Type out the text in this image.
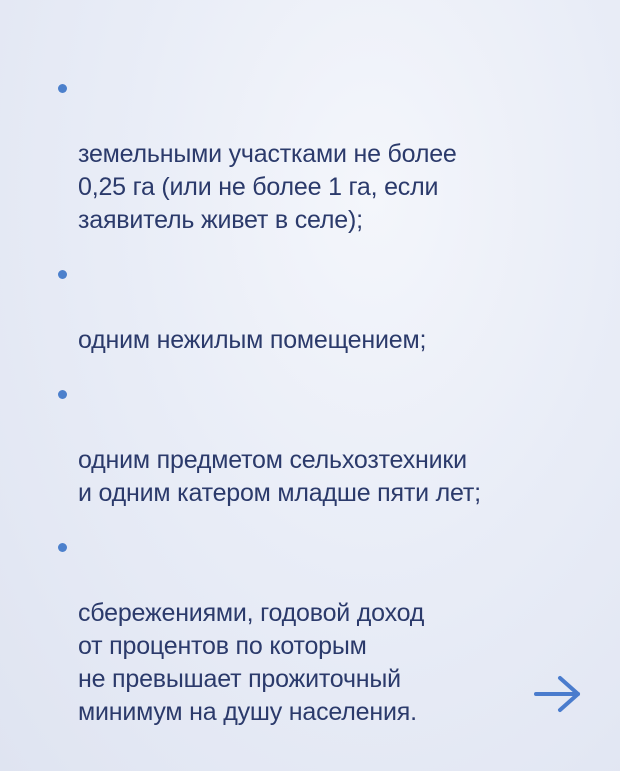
земельными участками не более
0,25 га (или не более 1 га, если
заявитель живет в селе);

одним нежилым помещением;

одним предметом сельхозтехники
и одним катером младше пяти лет;

сбережениями, годовой доход
от процентов по которым
не превышает прожиточный
минимум на душу населения.
